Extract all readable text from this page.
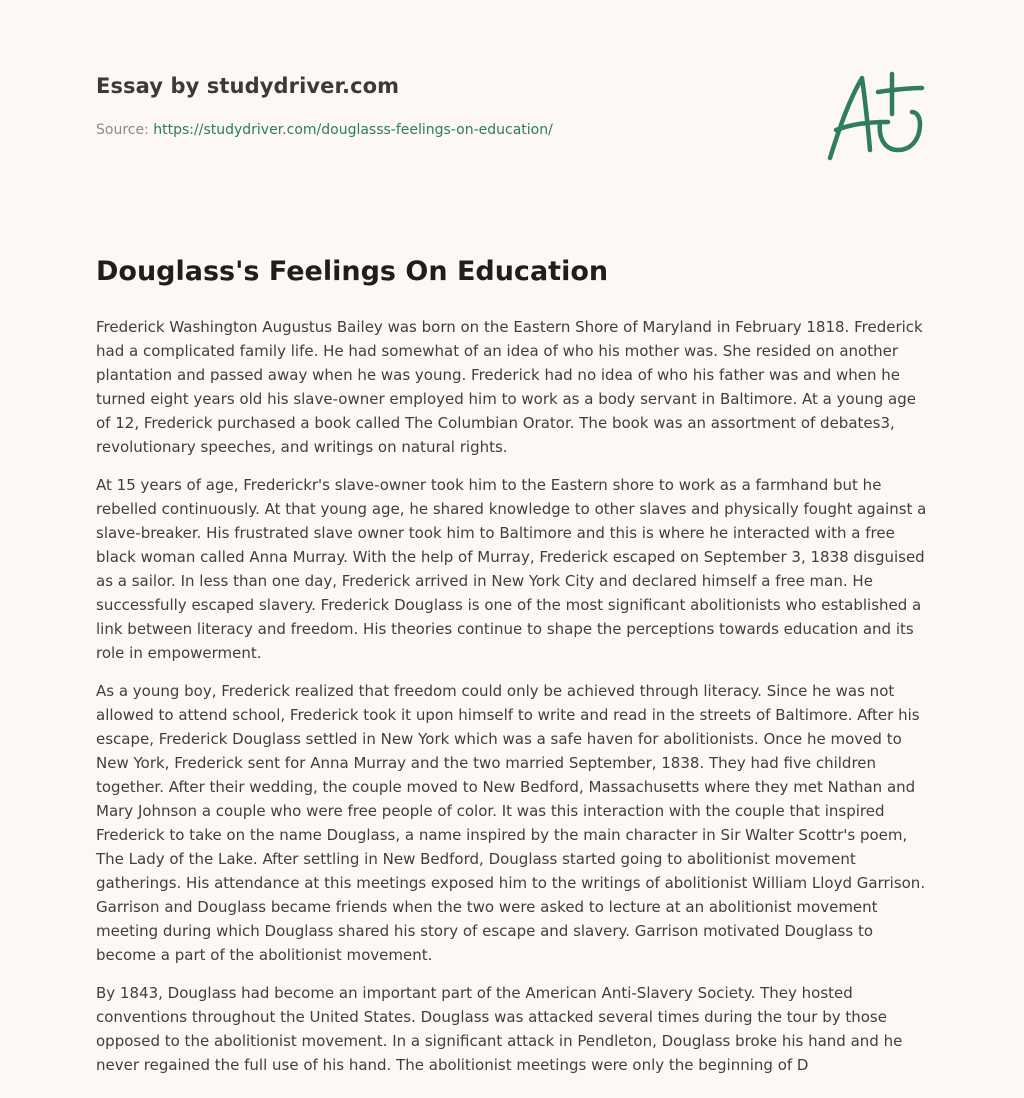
Essay by studydriver.com
Source: https://studydriver.com/douglasss-feelings-on-education/
Douglass's Feelings On Education

Frederick Washington Augustus Bailey was born on the Eastern Shore of Maryland in February 1818. Frederick had a complicated family life. He had somewhat of an idea of who his mother was. She resided on another plantation and passed away when he was young. Frederick had no idea of who his father was and when he turned eight years old his slave-owner employed him to work as a body servant in Baltimore. At a young age of 12, Frederick purchased a book called The Columbian Orator. The book was an assortment of debates3, revolutionary speeches, and writings on natural rights.

At 15 years of age, Frederickr's slave-owner took him to the Eastern shore to work as a farmhand but he rebelled continuously. At that young age, he shared knowledge to other slaves and physically fought against a slave-breaker. His frustrated slave owner took him to Baltimore and this is where he interacted with a free black woman called Anna Murray. With the help of Murray, Frederick escaped on September 3, 1838 disguised as a sailor. In less than one day, Frederick arrived in New York City and declared himself a free man. He successfully escaped slavery. Frederick Douglass is one of the most significant abolitionists who established a link between literacy and freedom. His theories continue to shape the perceptions towards education and its role in empowerment.

As a young boy, Frederick realized that freedom could only be achieved through literacy. Since he was not allowed to attend school, Frederick took it upon himself to write and read in the streets of Baltimore. After his escape, Frederick Douglass settled in New York which was a safe haven for abolitionists. Once he moved to New York, Frederick sent for Anna Murray and the two married September, 1838. They had five children together. After their wedding, the couple moved to New Bedford, Massachusetts where they met Nathan and Mary Johnson a couple who were free people of color. It was this interaction with the couple that inspired Frederick to take on the name Douglass, a name inspired by the main character in Sir Walter Scottr's poem, The Lady of the Lake. After settling in New Bedford, Douglass started going to abolitionist movement gatherings. His attendance at this meetings exposed him to the writings of abolitionist William Lloyd Garrison. Garrison and Douglass became friends when the two were asked to lecture at an abolitionist movement meeting during which Douglass shared his story of escape and slavery. Garrison motivated Douglass to become a part of the abolitionist movement.

By 1843, Douglass had become an important part of the American Anti-Slavery Society. They hosted conventions throughout the United States. Douglass was attacked several times during the tour by those opposed to the abolitionist movement. In a significant attack in Pendleton, Douglass broke his hand and he never regained the full use of his hand. The abolitionist meetings were only the beginning of D
